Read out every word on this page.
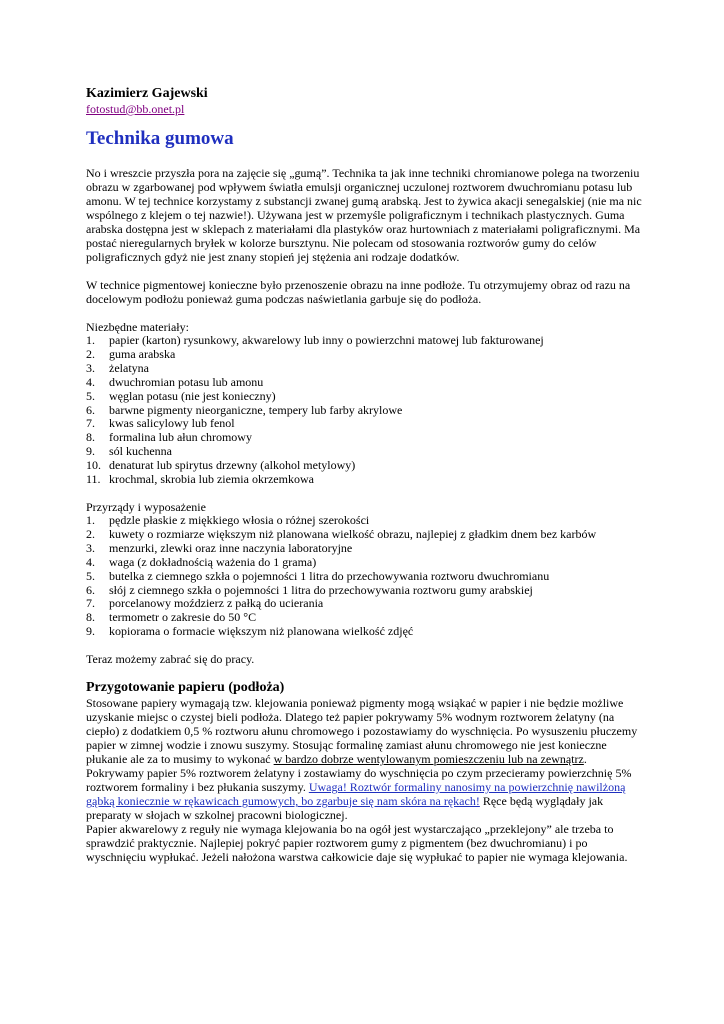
Kazimierz Gajewski

fotostud@bb.onet.pl
Technika gumowa

No i wreszcie przyszła pora na zajęcie się „gumą”. Technika ta jak inne techniki chromianowe polega na tworzeniu obrazu w zgarbowanej pod wpływem światła emulsji organicznej uczulonej roztworem dwuchromianu potasu lub amonu. W tej technice korzystamy z substancji zwanej gumą arabską. Jest to żywica akacji senegalskiej (nie ma nic wspólnego z klejem o tej nazwie!). Używana jest w przemyśle poligraficznym i technikach plastycznych. Guma arabska dostępna jest w sklepach z materiałami dla plastyków oraz hurtowniach z materiałami poligraficznymi. Ma postać nieregularnych bryłek w kolorze bursztynu. Nie polecam od stosowania roztworów gumy do celów poligraficznych gdyż nie jest znany stopień jej stężenia ani rodzaje dodatków.

W technice pigmentowej konieczne było przenoszenie obrazu na inne podłoże. Tu otrzymujemy obraz od razu na docelowym podłożu ponieważ guma podczas naświetlania garbuje się do podłoża.

Niezbędne materiały:

1.	papier (karton) rysunkowy, akwarelowy lub inny o powierzchni matowej lub fakturowanej
2.	guma arabska
3.	żelatyna
4.	dwuchromian potasu lub amonu
5.	węglan potasu (nie jest konieczny)
6.	barwne pigmenty nieorganiczne, tempery lub farby akrylowe
7.	kwas salicylowy lub fenol
8.	formalina lub ałun chromowy
9.	sól kuchenna
10. denaturat lub spirytus drzewny (alkohol metylowy)
11. krochmal, skrobia lub ziemia okrzemkowa

Przyrządy i wyposażenie

1.	pędzle płaskie z miękkiego włosia o różnej szerokości
2.	kuwety o rozmiarze większym niż planowana wielkość obrazu, najlepiej z gładkim dnem bez karbów
3.	menzurki, zlewki oraz inne naczynia laboratoryjne
4.	waga (z dokładnością ważenia do 1 grama)
5.	butelka z ciemnego szkła o pojemności 1 litra do przechowywania roztworu dwuchromianu
6.	słój z ciemnego szkła o pojemności 1 litra do przechowywania roztworu gumy arabskiej
7.	porcelanowy moździerz z pałką do ucierania
8.	termometr o zakresie do 50 °C
9.	kopiorama o formacie większym niż planowana wielkość zdjęć

Teraz możemy zabrać się do pracy.

Przygotowanie papieru (podłoża)

Stosowane papiery wymagają tzw. klejowania ponieważ pigmenty mogą wsiąkać w papier i nie będzie możliwe uzyskanie miejsc o czystej bieli podłoża. Dlatego też papier pokrywamy 5% wodnym roztworem żelatyny (na ciepło) z dodatkiem 0,5 % roztworu ałunu chromowego i pozostawiamy do wyschnięcia. Po wysuszeniu płuczemy papier w zimnej wodzie i znowu suszymy. Stosując formalinę zamiast ałunu chromowego nie jest konieczne płukanie ale za to musimy to wykonać w bardzo dobrze wentylowanym pomieszczeniu lub na zewnątrz. Pokrywamy papier 5% roztworem żelatyny i zostawiamy do wyschnięcia po czym przecieramy powierzchnię 5% roztworem formaliny i bez płukania suszymy. Uwaga! Roztwór formaliny nanosimy na powierzchnię nawilżoną gąbką koniecznie w rękawicach gumowych, bo zgarbuje się nam skóra na rękach! Ręce będą wyglądały jak preparaty w słojach w szkolnej pracowni biologicznej.

Papier akwarelowy z reguły nie wymaga klejowania bo na ogół jest wystarczająco „przeklejony” ale trzeba to sprawdzić praktycznie. Najlepiej pokryć papier roztworem gumy z pigmentem (bez dwuchromianu) i po wyschnięciu wypłukać. Jeżeli nałożona warstwa całkowicie daje się wypłukać to papier nie wymaga klejowania.
